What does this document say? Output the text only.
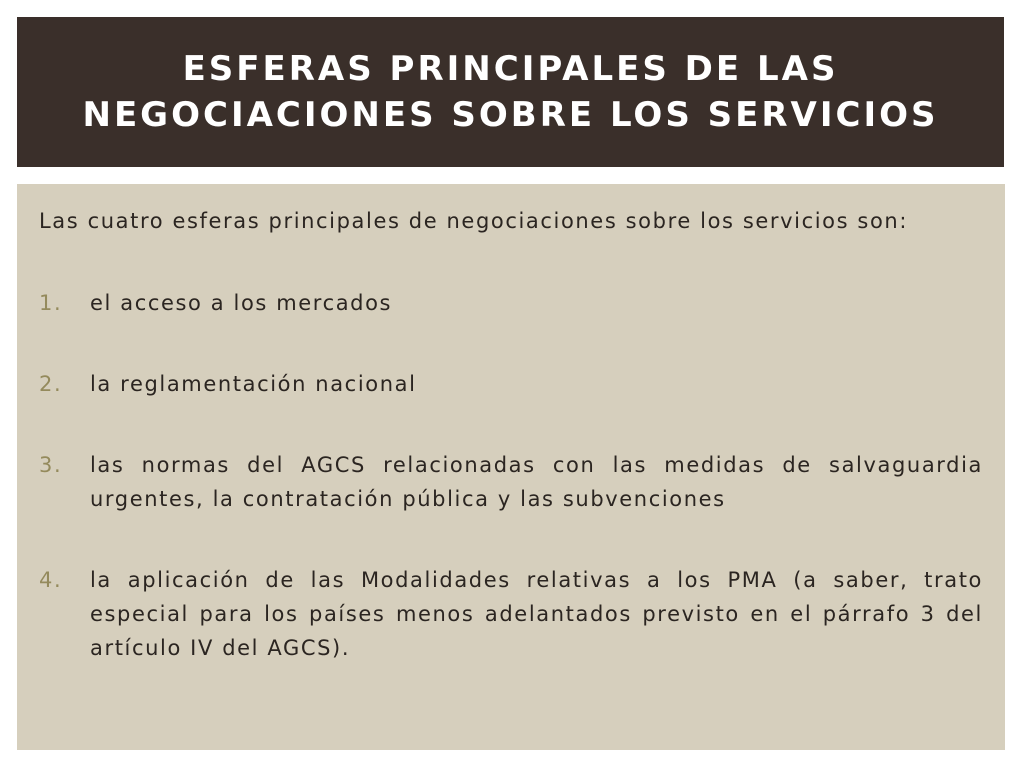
ESFERAS PRINCIPALES DE LAS
NEGOCIACIONES SOBRE LOS SERVICIOS

Las cuatro esferas principales de negociaciones sobre los servicios son:

1.	el acceso a los mercados
2.	la reglamentación nacional
3.	las normas del AGCS relacionadas con las medidas de salvaguardia urgentes, la contratación pública y las subvenciones
4.	la aplicación de las Modalidades relativas a los PMA (a saber, trato especial para los países menos adelantados previsto en el párrafo 3 del artículo IV del AGCS).
